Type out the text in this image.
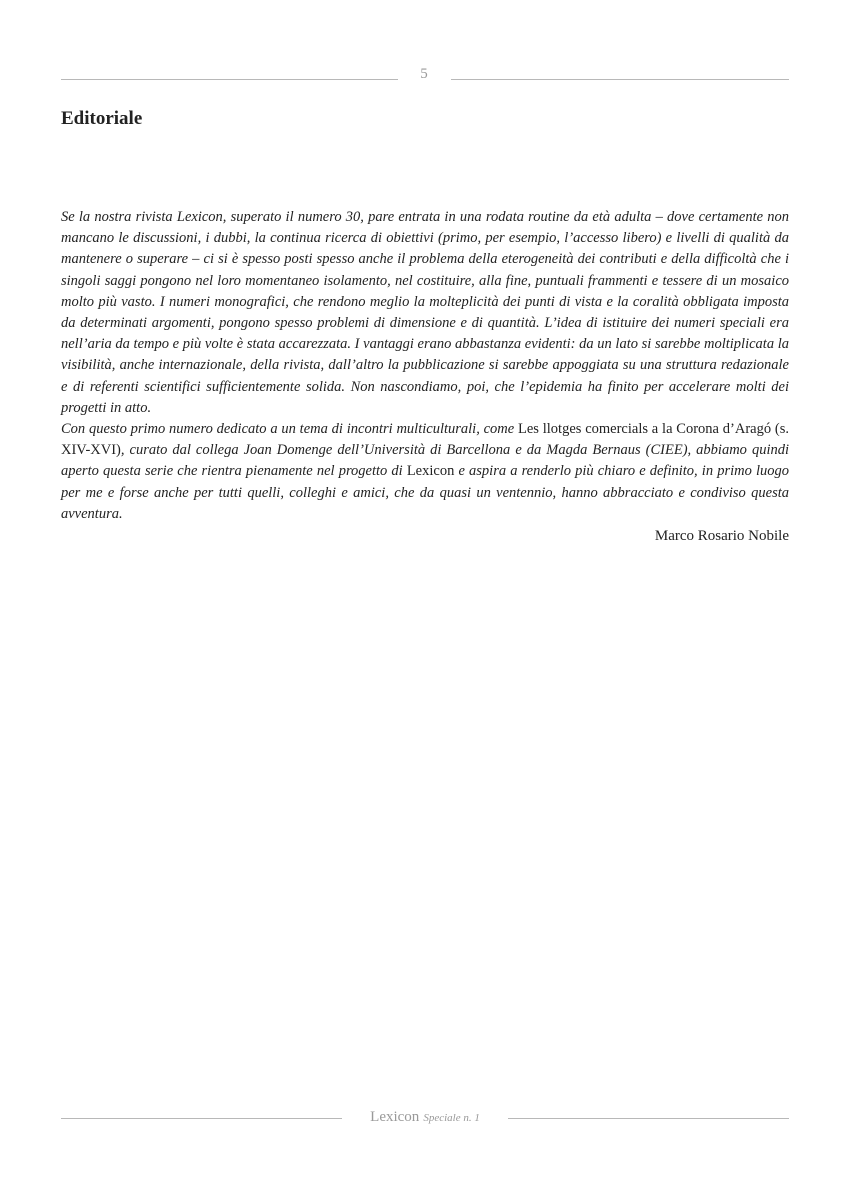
5
Editoriale

Se la nostra rivista Lexicon, superato il numero 30, pare entrata in una rodata routine da età adulta – dove certamente non mancano le discussioni, i dubbi, la continua ricerca di obiettivi (primo, per esempio, l’accesso libero) e livelli di qualità da mantenere o superare – ci si è spesso posti spesso anche il problema della eterogeneità dei contributi e della difficoltà che i singoli saggi pongono nel loro momentaneo isolamento, nel costituire, alla fine, puntuali frammenti e tessere di un mosaico molto più vasto. I numeri monografici, che rendono meglio la molteplicità dei punti di vista e la coralità obbligata imposta da determinati argomenti, pongono spesso problemi di dimensione e di quantità. L’idea di istituire dei numeri speciali era nell’aria da tempo e più volte è stata accarezzata. I vantaggi erano abbastanza evidenti: da un lato si sarebbe moltiplicata la visibilità, anche internazionale, della rivista, dall’altro la pubblicazione si sarebbe appoggiata su una struttura redazionale e di referenti scientifici sufficientemente solida. Non nascondiamo, poi, che l’epidemia ha finito per accelerare molti dei progetti in atto.

Con questo primo numero dedicato a un tema di incontri multiculturali, come Les llotges comercials a la Corona d’Aragó (s. XIV-XVI), curato dal collega Joan Domenge dell’Università di Barcellona e da Magda Bernaus (CIEE), abbiamo quindi aperto questa serie che rientra pienamente nel progetto di Lexicon e aspira a renderlo più chiaro e definito, in primo luogo per me e forse anche per tutti quelli, colleghi e amici, che da quasi un ventennio, hanno abbracciato e condiviso questa avventura.

Marco Rosario Nobile
Lexicon Speciale n. 1
